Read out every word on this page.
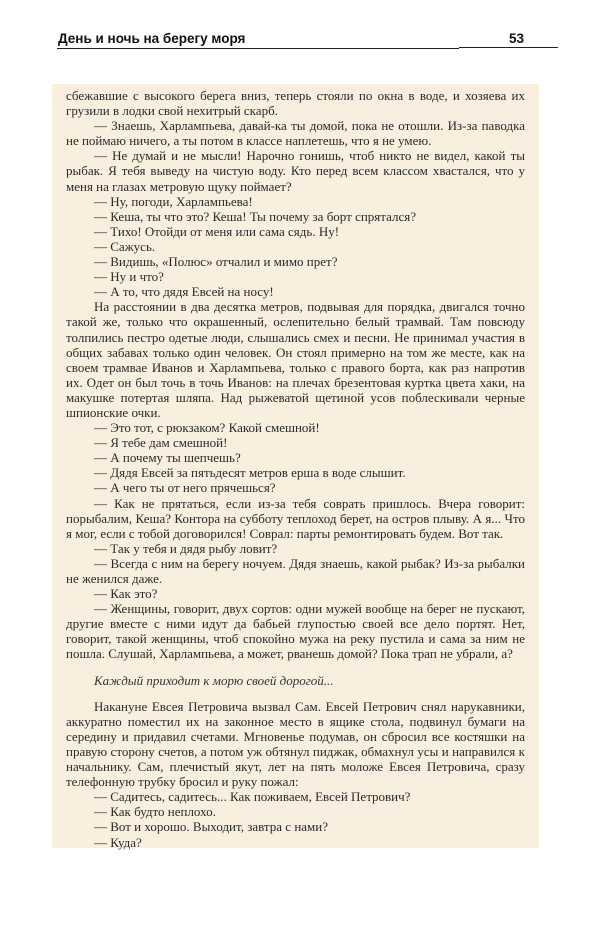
День и ночь на берегу моря	53

сбежавшие с высокого берега вниз, теперь стояли по окна в воде, и хозяева их грузили в лодки свой нехитрый скарб.

— Знаешь, Харлампьева, давай-ка ты домой, пока не отошли. Из-за паводка не поймаю ничего, а ты потом в классе наплетешь, что я не умею.

— Не думай и не мысли! Нарочно гонишь, чтоб никто не видел, какой ты рыбак. Я тебя выведу на чистую воду. Кто перед всем классом хвастался, что у меня на глазах метровую щуку поймает?

— Ну, погоди, Харлампьева!

— Кеша, ты что это? Кеша! Ты почему за борт спрятался?

— Тихо! Отойди от меня или сама сядь. Ну!

— Сажусь.

— Видишь, «Полюс» отчалил и мимо прет?

— Ну и что?

— А то, что дядя Евсей на носу!

На расстоянии в два десятка метров, подвывая для порядка, двигался точно такой же, только что окрашенный, ослепительно белый трамвай. Там повсюду толпились пестро одетые люди, слышались смех и песни. Не принимал участия в общих забавах только один человек. Он стоял примерно на том же месте, как на своем трамвае Иванов и Харлампьева, только с правого борта, как раз напротив их. Одет он был точь в точь Иванов: на плечах брезентовая куртка цвета хаки, на макушке потертая шляпа. Над рыжеватой щетиной усов поблескивали черные шпионские очки.

— Это тот, с рюкзаком? Какой смешной!

— Я тебе дам смешной!

— А почему ты шепчешь?

— Дядя Евсей за пятьдесят метров ерша в воде слышит.

— А чего ты от него прячешься?

— Как не прятаться, если из-за тебя соврать пришлось. Вчера говорит: порыбалим, Кеша? Контора на субботу теплоход берет, на остров плыву. А я... Что я мог, если с тобой договорился! Соврал: парты ремонтировать будем. Вот так.

— Так у тебя и дядя рыбу ловит?

— Всегда с ним на берегу ночуем. Дядя знаешь, какой рыбак? Из-за рыбалки не женился даже.

— Как это?

— Женщины, говорит, двух сортов: одни мужей вообще на берег не пускают, другие вместе с ними идут да бабьей глупостью своей все дело портят. Нет, говорит, такой женщины, чтоб спокойно мужа на реку пустила и сама за ним не пошла. Слушай, Харлампьева, а может, рванешь домой? Пока трап не убрали, а?

Каждый приходит к морю своей дорогой...

Накануне Евсея Петровича вызвал Сам. Евсей Петрович снял нарукавники, аккуратно поместил их на законное место в ящике стола, подвинул бумаги на середину и придавил счетами. Мгновенье подумав, он сбросил все костяшки на правую сторону счетов, а потом уж обтянул пиджак, обмахнул усы и направился к начальнику. Сам, плечистый якут, лет на пять моложе Евсея Петровича, сразу телефонную трубку бросил и руку пожал:

— Садитесь, садитесь... Как поживаем, Евсей Петрович?

— Как будто неплохо.

— Вот и хорошо. Выходит, завтра с нами?

— Куда?
